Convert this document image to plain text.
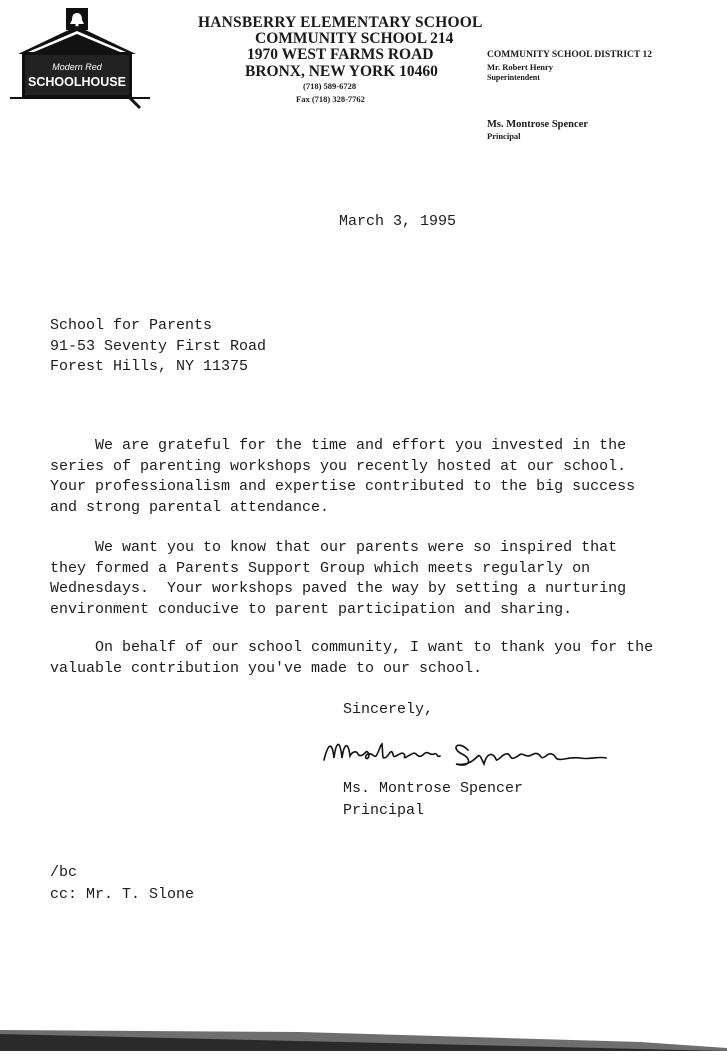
Modern Red
SCHOOLHOUSE
HANSBERRY ELEMENTARY SCHOOL
COMMUNITY SCHOOL 214
1970 WEST FARMS ROAD
BRONX, NEW YORK 10460
(718) 589-6728
Fax (718) 328-7762
COMMUNITY SCHOOL DISTRICT 12
Mr. Robert Henry
Superintendent
Ms. Montrose Spencer
Principal
March 3, 1995
School for Parents
91-53 Seventy First Road
Forest Hills, NY 11375
We are grateful for the time and effort you invested in the
series of parenting workshops you recently hosted at our school.
Your professionalism and expertise contributed to the big success
and strong parental attendance.
We want you to know that our parents were so inspired that
they formed a Parents Support Group which meets regularly on
Wednesdays.  Your workshops paved the way by setting a nurturing
environment conducive to parent participation and sharing.
On behalf of our school community, I want to thank you for the
valuable contribution you've made to our school.
Sincerely,
Montrose Spencer
Ms. Montrose Spencer
Principal
/bc
cc: Mr. T. Slone
